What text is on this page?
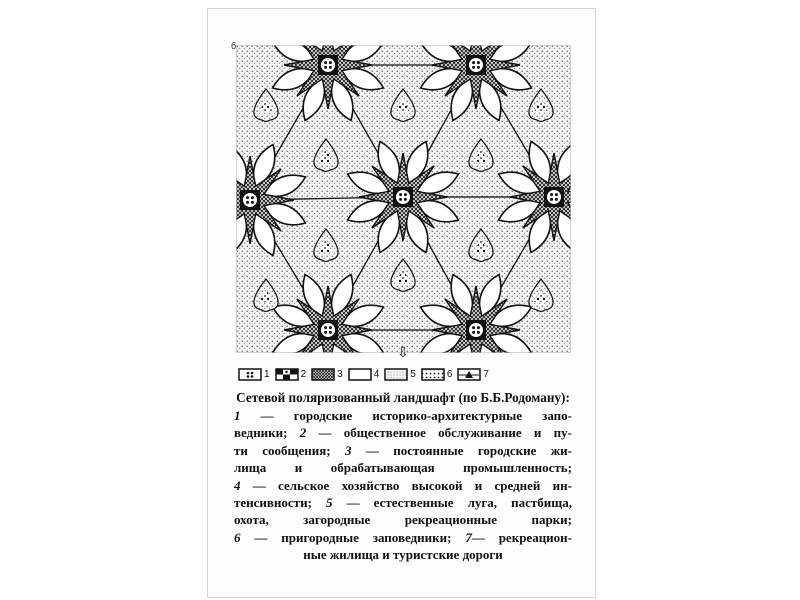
б
⇩
1	2	3	4	5	6	7
Сетевой поляризованный ландшафт (по Б.Б.Родоману):
1 — городские историко-архитектурные запо-
ведники; 2 — общественное обслуживание и пу-
ти сообщения; 3 — постоянные городские жи-
лища и обрабатывающая промышленность;
4 — сельское хозяйство высокой и средней ин-
тенсивности; 5 — естественные луга, пастбища,
охота, загородные рекреационные парки;
6 — пригородные заповедники; 7— рекреацион-
ные жилища и туристские дороги
